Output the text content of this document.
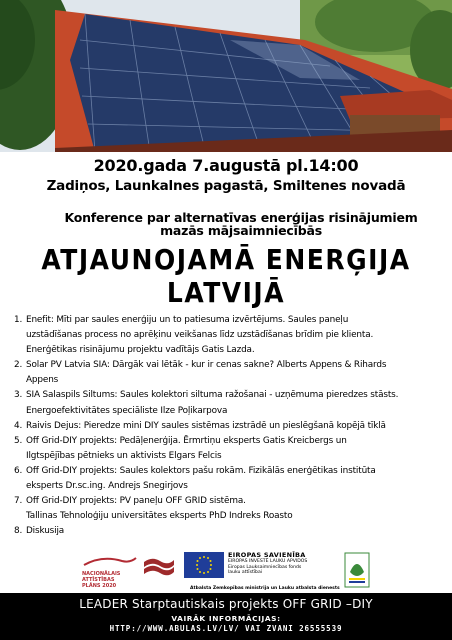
2020.gada 7.augustā pl.14:00
Zadiņos, Launkalnes pagastā, Smiltenes novadā
Konference par alternatīvas enerģijas risinājumiem
mazās mājsaimniecībās
ATJAUNOJAMĀ ENERĢIJA
LATVIJĀ
1. Enefit: Mīti par saules enerģiju un to patiesuma izvērtējums. Saules paneļu
uzstādīšanas process no aprēķinu veikšanas līdz uzstādīšanas brīdim pie klienta.
Enerģētikas risinājumu projektu vadītājs Gatis Lazda.
2. Solar PV Latvia SIA: Dārgāk vai lētāk - kur ir cenas sakne? Alberts Appens & Rihards
Appens
3. SIA Salaspils Siltums: Saules kolektori siltuma ražošanai - uzņēmuma pieredzes stāsts.
Energoefektivitātes speciāliste Ilze Poļikarpova
4. Raivis Dejus: Pieredze mini DIY saules sistēmas izstrādē un pieslēgšanā kopējā tīklā
5. Off Grid-DIY projekts: Pedāļenerģija. Ērmrtiņu eksperts Gatis Kreicbergs un
Ilgtspējības pētnieks un aktivists Elgars Felcis
6. Off Grid-DIY projekts: Saules kolektors pašu rokām. Fizikālās enerģētikas institūta
eksperts Dr.sc.ing. Andrejs Snegirjovs
7. Off Grid-DIY projekts: PV paneļu OFF GRID sistēma.
Tallinas Tehnoloģiju universitātes eksperts PhD Indreks Roasto
8. Diskusija
NACIONĀLAIS
ATTĪSTĪBAS
PLĀNS 2020
EIROPAS SAVIENĪBA
EIROPAS INVESTĒ LAUKU APVIDOS
Eiropas Lauksaimniecības fonds
lauku attīstībai
Atbalsta Zemkopības ministrija un Lauku atbalsta dienests
LEADER Starptautiskais projekts OFF GRID –DIY
VAIRĀK INFORMĀCIJAS:
HTTP://WWW.ABULAS.LV/LV/ VAI ZVANI 26555539
